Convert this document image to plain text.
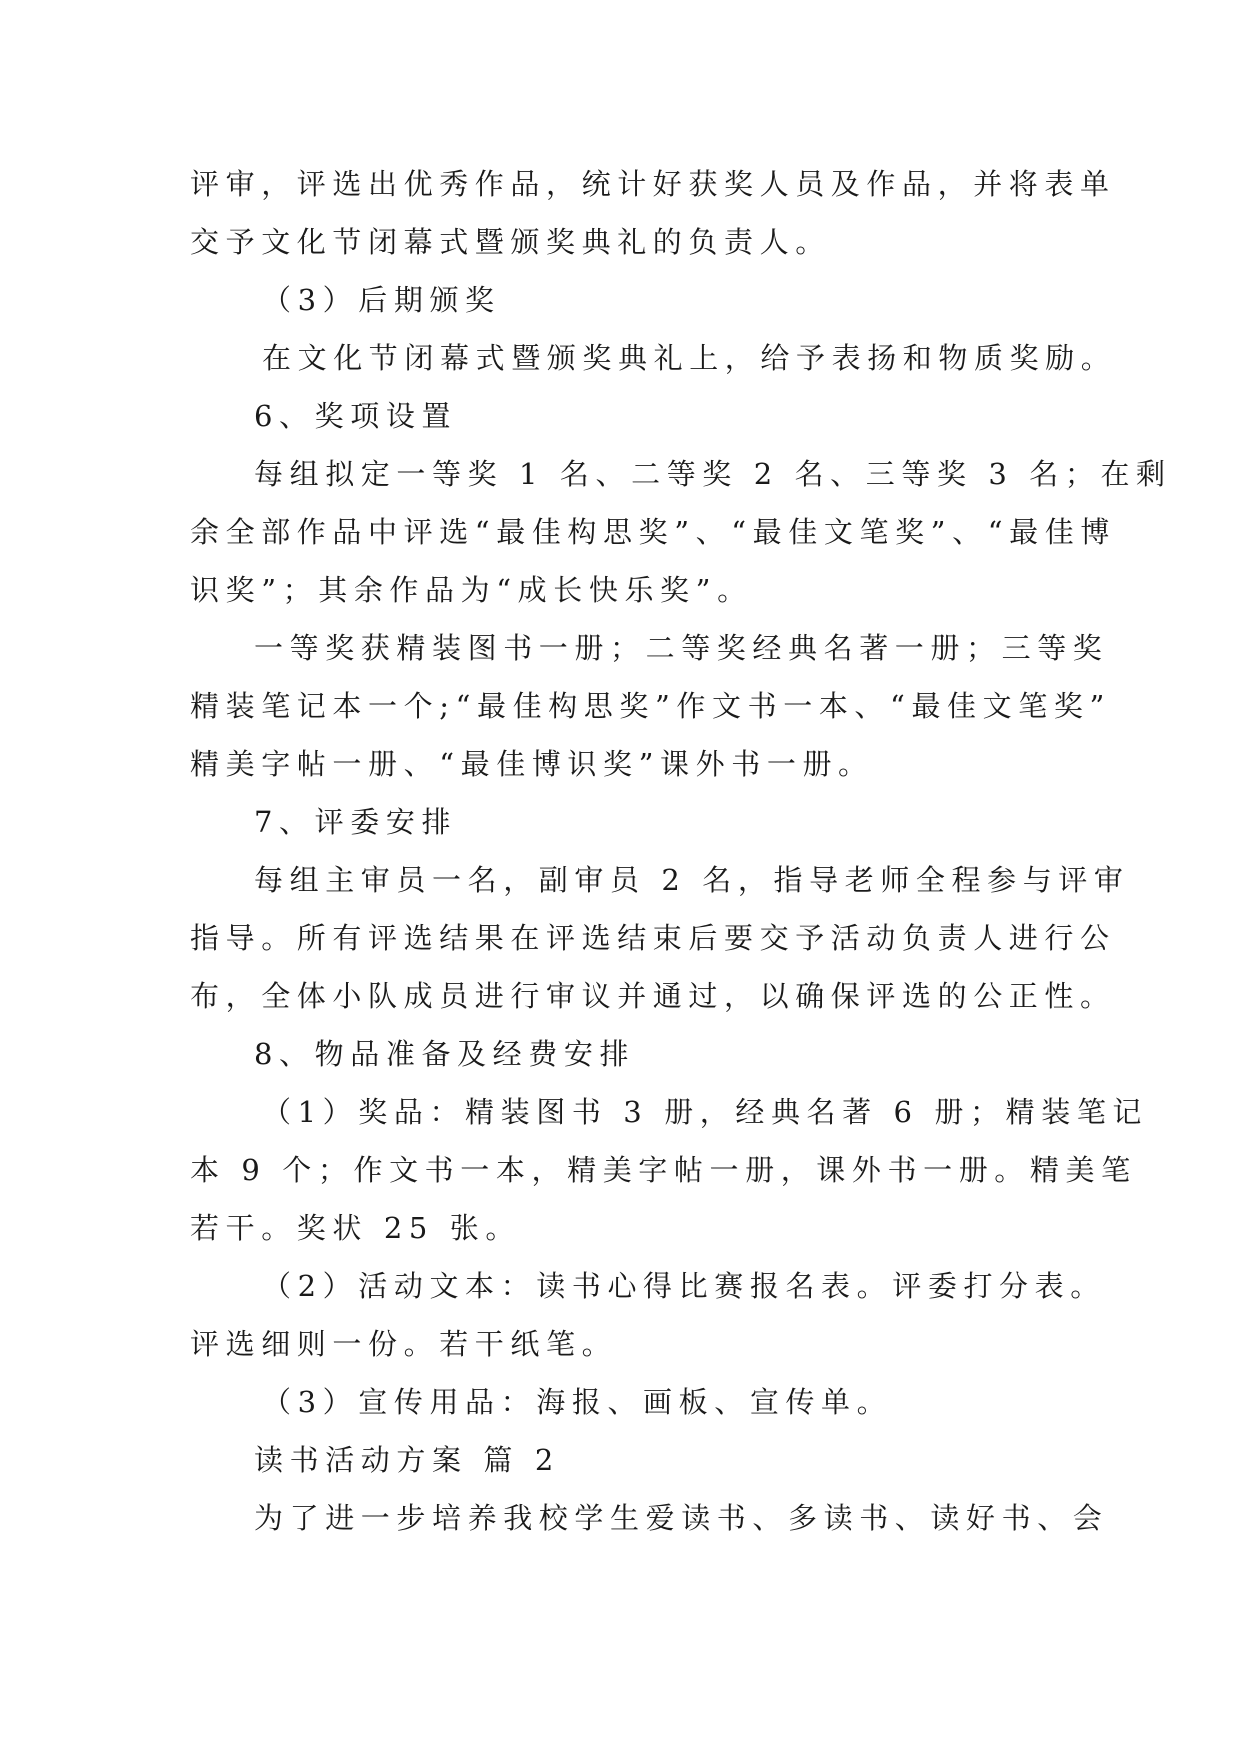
评审，评选出优秀作品，统计好获奖人员及作品，并将表单
交予文化节闭幕式暨颁奖典礼的负责人。
（3）后期颁奖
在文化节闭幕式暨颁奖典礼上，给予表扬和物质奖励。
6、奖项设置
每组拟定一等奖 1 名、二等奖 2 名、三等奖 3 名；在剩
余全部作品中评选“最佳构思奖”、“最佳文笔奖”、“最佳博
识奖”；其余作品为“成长快乐奖”。
一等奖获精装图书一册；二等奖经典名著一册；三等奖
精装笔记本一个;“最佳构思奖”作文书一本、“最佳文笔奖”
精美字帖一册、“最佳博识奖”课外书一册。
7、评委安排
每组主审员一名，副审员 2 名，指导老师全程参与评审
指导。所有评选结果在评选结束后要交予活动负责人进行公
布，全体小队成员进行审议并通过，以确保评选的公正性。
8、物品准备及经费安排
（1）奖品：精装图书 3 册，经典名著 6 册；精装笔记
本 9 个；作文书一本，精美字帖一册，课外书一册。精美笔
若干。奖状 25 张。
（2）活动文本：读书心得比赛报名表。评委打分表。
评选细则一份。若干纸笔。
（3）宣传用品：海报、画板、宣传单。
读书活动方案 篇 2
为了进一步培养我校学生爱读书、多读书、读好书、会
